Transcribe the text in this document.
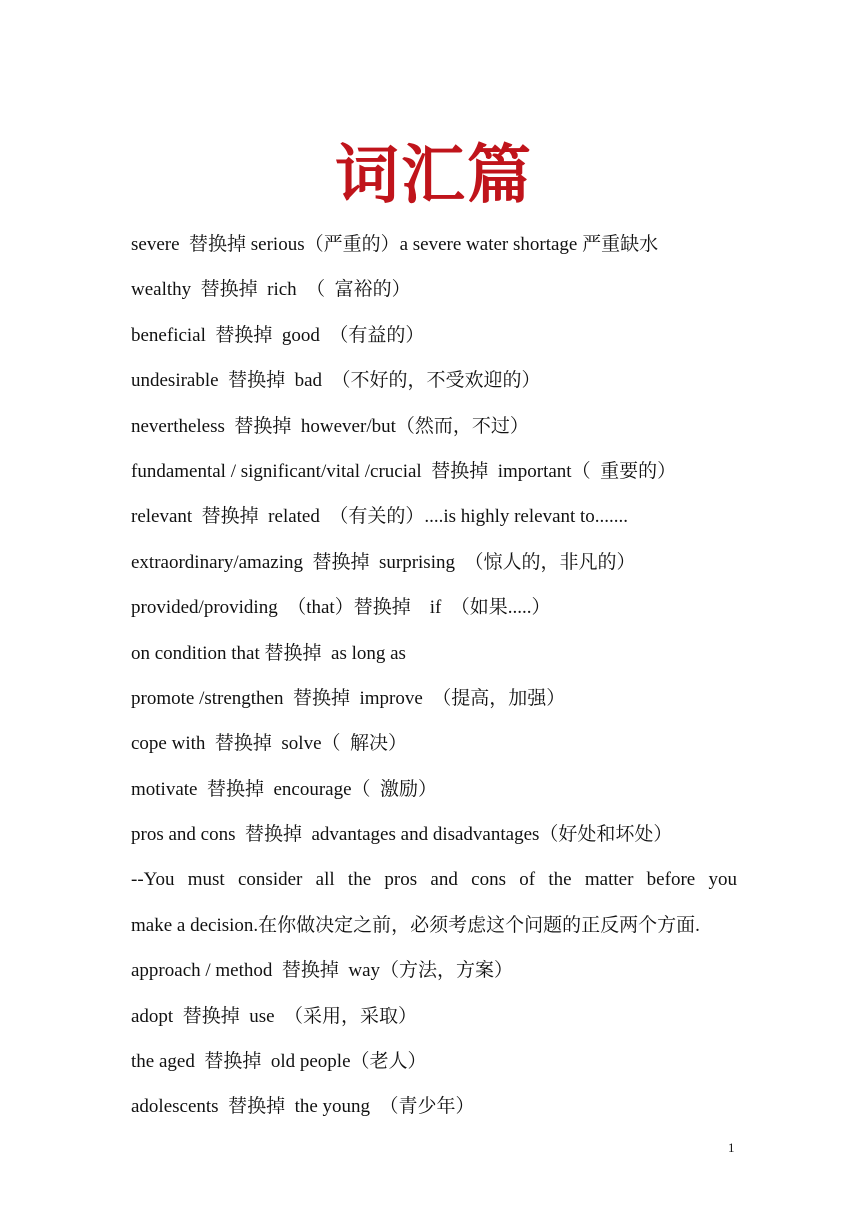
词汇篇
severe  替换掉 serious（严重的）a severe water shortage 严重缺水
wealthy  替换掉  rich  （  富裕的）
beneficial  替换掉  good  （有益的）
undesirable  替换掉  bad  （不好的，不受欢迎的）
nevertheless  替换掉  however/but（然而，不过）
fundamental / significant/vital /crucial  替换掉  important（  重要的）
relevant  替换掉  related  （有关的）....is highly relevant to.......
extraordinary/amazing  替换掉  surprising  （惊人的，非凡的）
provided/providing  （that）替换掉    if  （如果.....）
on condition that 替换掉  as long as
promote /strengthen  替换掉  improve  （提高，加强）
cope with  替换掉  solve（  解决）
motivate  替换掉  encourage（  激励）
pros and cons  替换掉  advantages and disadvantages（好处和坏处）
--You must consider all the pros and cons of the matter before you
make a decision.在你做决定之前，必须考虑这个问题的正反两个方面.
approach / method  替换掉  way（方法，方案）
adopt  替换掉  use  （采用，采取）
the aged  替换掉  old people（老人）
adolescents  替换掉  the young  （青少年）
1
